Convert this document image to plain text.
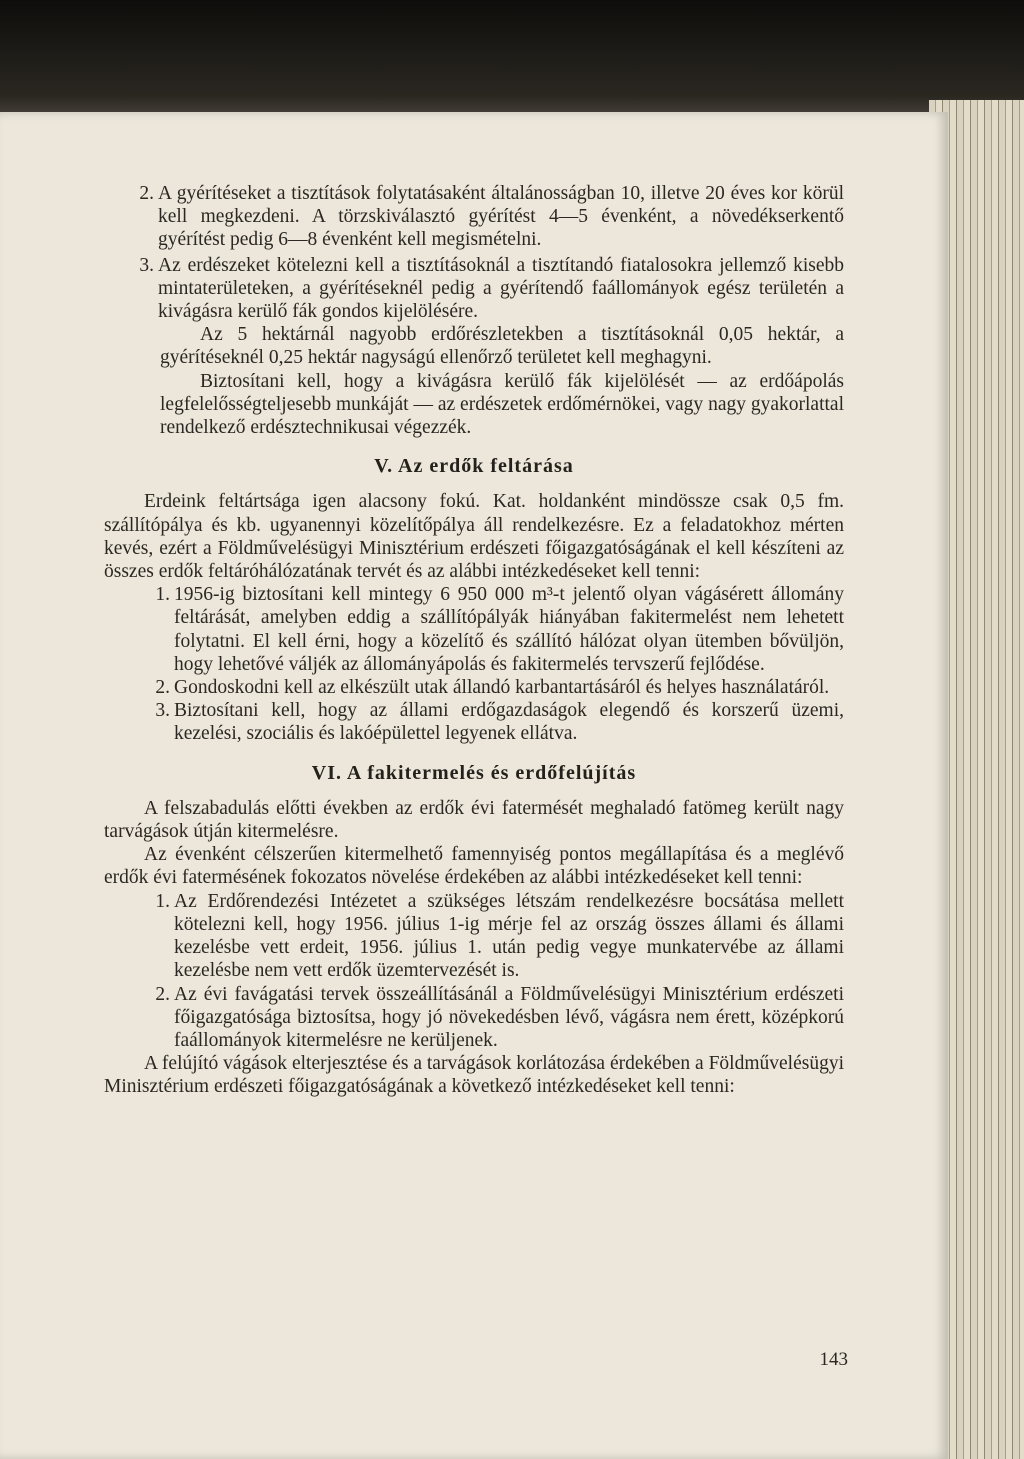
2. A gyérítéseket a tisztítások folytatásaként általánosságban 10, illetve 20 éves kor körül kell megkezdeni. A törzskiválasztó gyérítést 4—5 évenként, a növedékserkentő gyérítést pedig 6—8 évenként kell megismételni.
3. Az erdészeket kötelezni kell a tisztításoknál a tisztítandó fiatalosokra jellemző kisebb mintaterületeken, a gyérítéseknél pedig a gyérítendő faállományok egész területén a kivágásra kerülő fák gondos kijelölésére.

Az 5 hektárnál nagyobb erdőrészletekben a tisztításoknál 0,05 hektár, a gyérítéseknél 0,25 hektár nagyságú ellenőrző területet kell meghagyni.

Biztosítani kell, hogy a kivágásra kerülő fák kijelölését — az erdőápolás legfelelősségteljesebb munkáját — az erdészetek erdőmérnökei, vagy nagy gyakorlattal rendelkező erdésztechnikusai végezzék.

V. Az erdők feltárása

Erdeink feltártsága igen alacsony fokú. Kat. holdanként mindössze csak 0,5 fm. szállítópálya és kb. ugyanennyi közelítőpálya áll rendelkezésre. Ez a feladatokhoz mérten kevés, ezért a Földművelésügyi Minisztérium erdészeti főigazgatóságának el kell készíteni az összes erdők feltáróhálózatának tervét és az alábbi intézkedéseket kell tenni:

1. 1956-ig biztosítani kell mintegy 6 950 000 m³-t jelentő olyan vágásérett állomány feltárását, amelyben eddig a szállítópályák hiányában fakitermelést nem lehetett folytatni. El kell érni, hogy a közelítő és szállító hálózat olyan ütemben bővüljön, hogy lehetővé váljék az állományápolás és fakitermelés tervszerű fejlődése.
2. Gondoskodni kell az elkészült utak állandó karbantartásáról és helyes használatáról.
3. Biztosítani kell, hogy az állami erdőgazdaságok elegendő és korszerű üzemi, kezelési, szociális és lakóépülettel legyenek ellátva.
VI. A fakitermelés és erdőfelújítás

A felszabadulás előtti években az erdők évi fatermését meghaladó fatömeg került nagy tarvágások útján kitermelésre.

Az évenként célszerűen kitermelhető famennyiség pontos megállapítása és a meglévő erdők évi fatermésének fokozatos növelése érdekében az alábbi intézkedéseket kell tenni:

1. Az Erdőrendezési Intézetet a szükséges létszám rendelkezésre bocsátása mellett kötelezni kell, hogy 1956. július 1-ig mérje fel az ország összes állami és állami kezelésbe vett erdeit, 1956. július 1. után pedig vegye munkatervébe az állami kezelésbe nem vett erdők üzemtervezését is.
2. Az évi favágatási tervek összeállításánál a Földművelésügyi Minisztérium erdészeti főigazgatósága biztosítsa, hogy jó növekedésben lévő, vágásra nem érett, középkorú faállományok kitermelésre ne kerüljenek.

A felújító vágások elterjesztése és a tarvágások korlátozása érdekében a Földművelésügyi Minisztérium erdészeti főigazgatóságának a következő intézkedéseket kell tenni:

143
